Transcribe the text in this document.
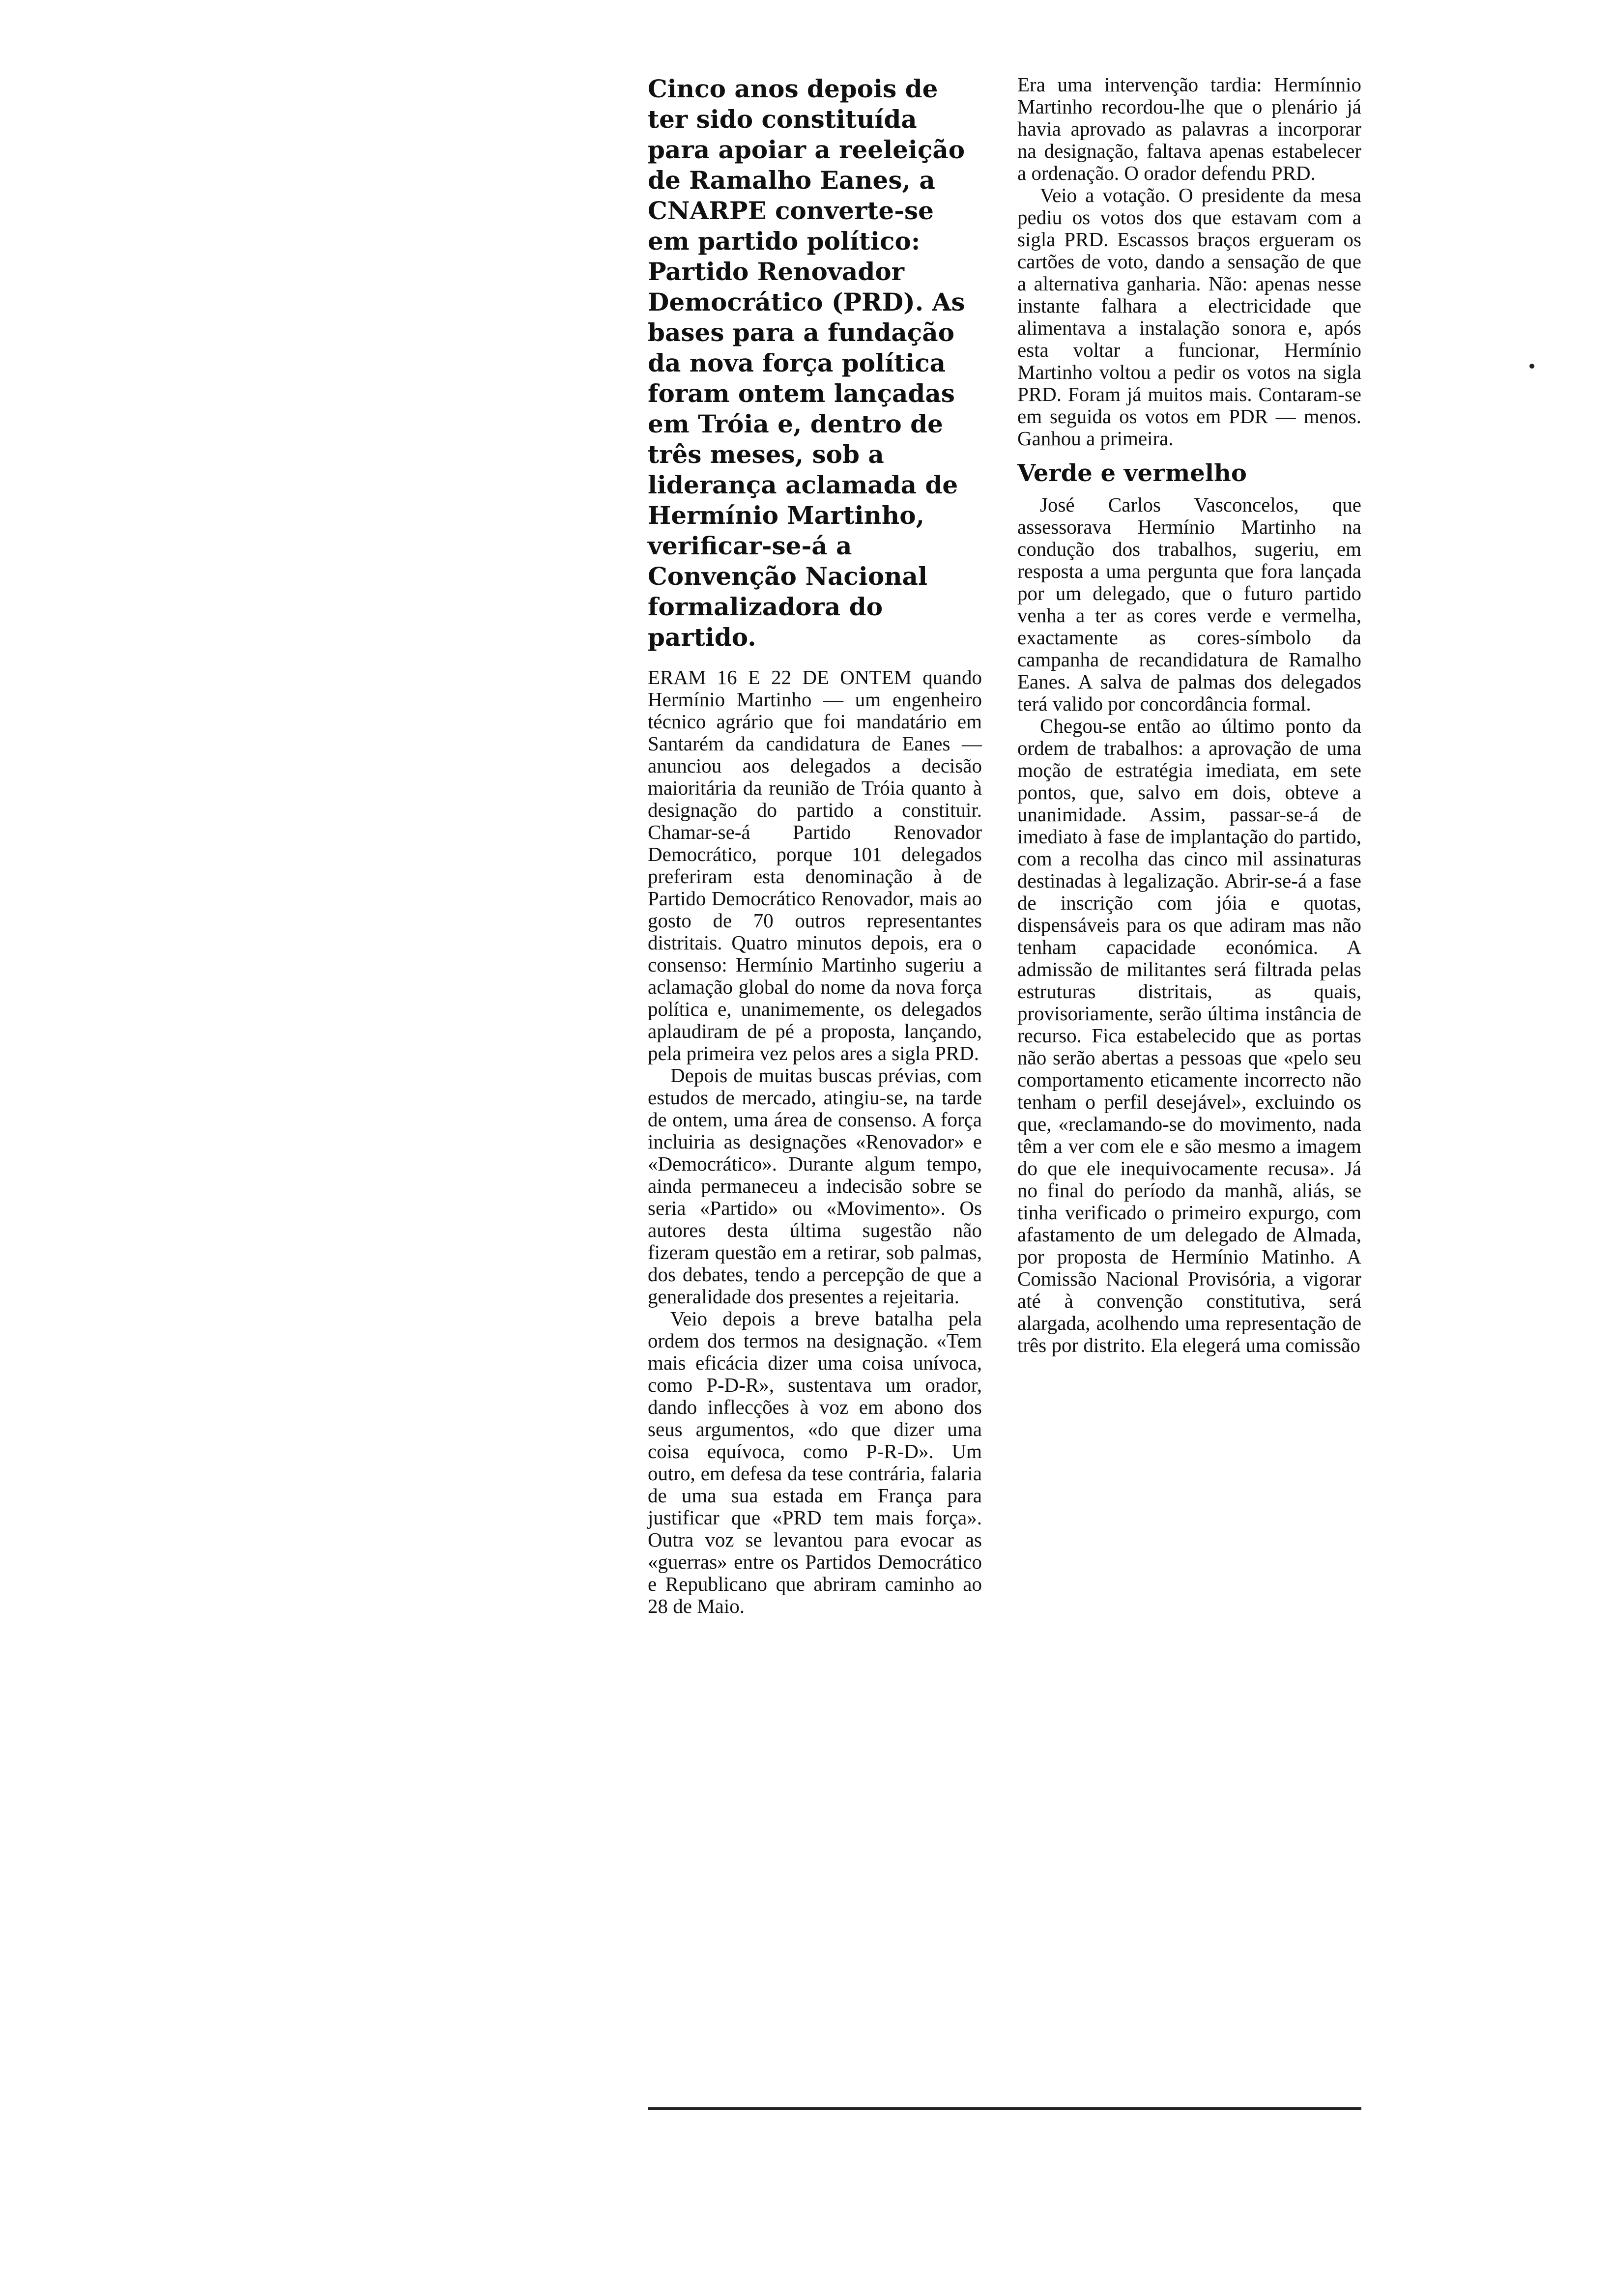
Cinco anos depois de ter sido constituída para apoiar a reeleição de Ramalho Eanes, a CNARPE converte-se em partido político: Partido Renovador Democrático (PRD). As bases para a fundação da nova força política foram ontem lançadas em Tróia e, dentro de três meses, sob a liderança aclamada de Hermínio Martinho, verificar-se-á a Convenção Nacional formalizadora do partido.

ERAM 16 E 22 DE ONTEM quando Hermínio Martinho — um engenheiro técnico agrário que foi mandatário em Santarém da candidatura de Eanes — anunciou aos delegados a decisão maioritária da reunião de Tróia quanto à designação do partido a constituir. Chamar-se-á Partido Renovador Democrático, porque 101 delegados preferiram esta denominação à de Partido Democrático Renovador, mais ao gosto de 70 outros representantes distritais. Quatro minutos depois, era o consenso: Hermínio Martinho sugeriu a aclamação global do nome da nova força política e, unanimemente, os delegados aplaudiram de pé a proposta, lançando, pela primeira vez pelos ares a sigla PRD.

Depois de muitas buscas prévias, com estudos de mercado, atingiu-se, na tarde de ontem, uma área de consenso. A força incluiria as designações «Renovador» e «Democrático». Durante algum tempo, ainda permaneceu a indecisão sobre se seria «Partido» ou «Movimento». Os autores desta última sugestão não fizeram questão em a retirar, sob palmas, dos debates, tendo a percepção de que a generalidade dos presentes a rejeitaria.

Veio depois a breve batalha pela ordem dos termos na designação. «Tem mais eficácia dizer uma coisa unívoca, como P-D-R», sustentava um orador, dando inflecções à voz em abono dos seus argumentos, «do que dizer uma coisa equívoca, como P-R-D». Um outro, em defesa da tese contrária, falaria de uma sua estada em França para justificar que «PRD tem mais força». Outra voz se levantou para evocar as «guerras» entre os Partidos Democrático e Republicano que abriram caminho ao 28 de Maio.

Era uma intervenção tardia: Hermínnio Martinho recordou-lhe que o plenário já havia aprovado as palavras a incorporar na designação, faltava apenas estabelecer a ordenação. O orador defendu PRD.

Veio a votação. O presidente da mesa pediu os votos dos que estavam com a sigla PRD. Escassos braços ergueram os cartões de voto, dando a sensação de que a alternativa ganharia. Não: apenas nesse instante falhara a electricidade que alimentava a instalação sonora e, após esta voltar a funcionar, Hermínio Martinho voltou a pedir os votos na sigla PRD. Foram já muitos mais. Contaram-se em seguida os votos em PDR — menos. Ganhou a primeira.

Verde e vermelho

José Carlos Vasconcelos, que assessorava Hermínio Martinho na condução dos trabalhos, sugeriu, em resposta a uma pergunta que fora lançada por um delegado, que o futuro partido venha a ter as cores verde e vermelha, exactamente as cores-símbolo da campanha de recandidatura de Ramalho Eanes. A salva de palmas dos delegados terá valido por concordância formal.

Chegou-se então ao último ponto da ordem de trabalhos: a aprovação de uma moção de estratégia imediata, em sete pontos, que, salvo em dois, obteve a unanimidade. Assim, passar-se-á de imediato à fase de implantação do partido, com a recolha das cinco mil assinaturas destinadas à legalização. Abrir-se-á a fase de inscrição com jóia e quotas, dispensáveis para os que adiram mas não tenham capacidade económica. A admissão de militantes será filtrada pelas estruturas distritais, as quais, provisoriamente, serão última instância de recurso. Fica estabelecido que as portas não serão abertas a pessoas que «pelo seu comportamento eticamente incorrecto não tenham o perfil desejável», excluindo os que, «reclamando-se do movimento, nada têm a ver com ele e são mesmo a imagem do que ele inequivocamente recusa». Já no final do período da manhã, aliás, se tinha verificado o primeiro expurgo, com afastamento de um delegado de Almada, por proposta de Hermínio Matinho. A Comissão Nacional Provisória, a vigorar até à convenção constitutiva, será alargada, acolhendo uma representação de três por distrito. Ela elegerá uma comissão
